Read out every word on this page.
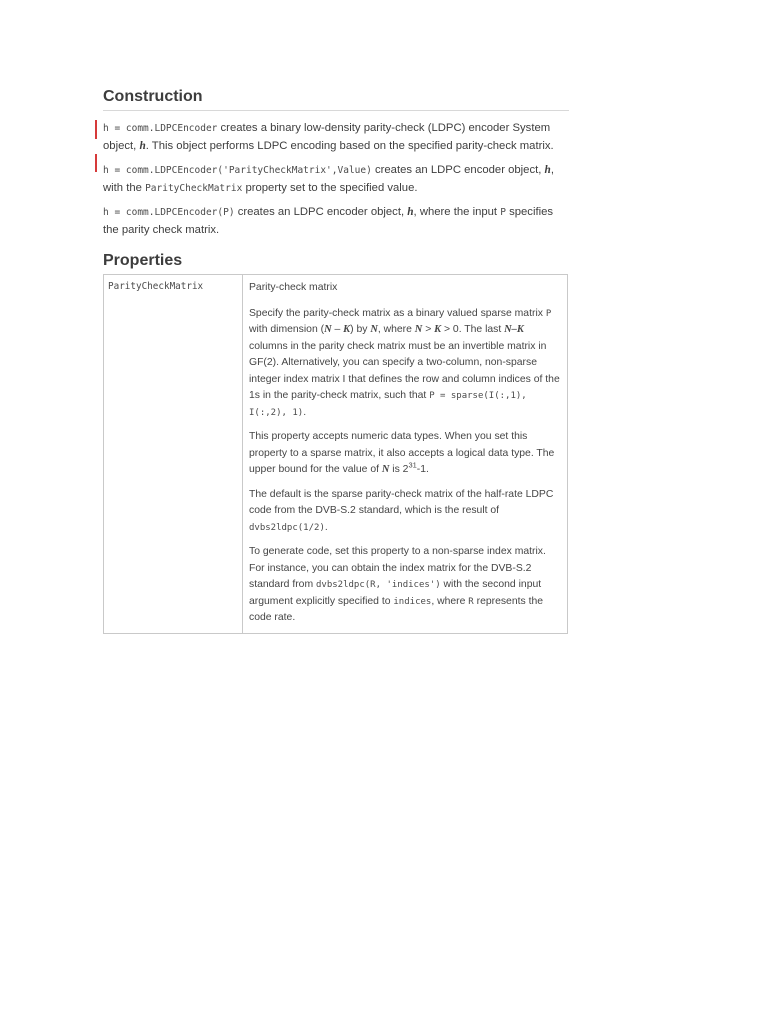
Construction

h = comm.LDPCEncoder creates a binary low-density parity-check (LDPC) encoder System object, h. This object performs LDPC encoding based on the specified parity-check matrix.

h = comm.LDPCEncoder('ParityCheckMatrix',Value) creates an LDPC encoder object, h, with the ParityCheckMatrix property set to the specified value.

h = comm.LDPCEncoder(P) creates an LDPC encoder object, h, where the input P specifies the parity check matrix.

Properties
ParityCheckMatrix	Parity-check matrix

Specify the parity-check matrix as a binary valued sparse matrix P with dimension (N – K) by N, where N > K > 0. The last N–K columns in the parity check matrix must be an invertible matrix in GF(2). Alternatively, you can specify a two-column, non-sparse integer index matrix I that defines the row and column indices of the 1s in the parity-check matrix, such that P = sparse(I(:,1), I(:,2), 1).

This property accepts numeric data types. When you set this property to a sparse matrix, it also accepts a logical data type. The upper bound for the value of N is $2^{31}-1$.

The default is the sparse parity-check matrix of the half-rate LDPC code from the DVB-S.2 standard, which is the result of dvbs2ldpc(1/2).

To generate code, set this property to a non-sparse index matrix. For instance, you can obtain the index matrix for the DVB-S.2 standard from dvbs2ldpc(R, 'indices') with the second input argument explicitly specified to indices, where R represents the code rate.
